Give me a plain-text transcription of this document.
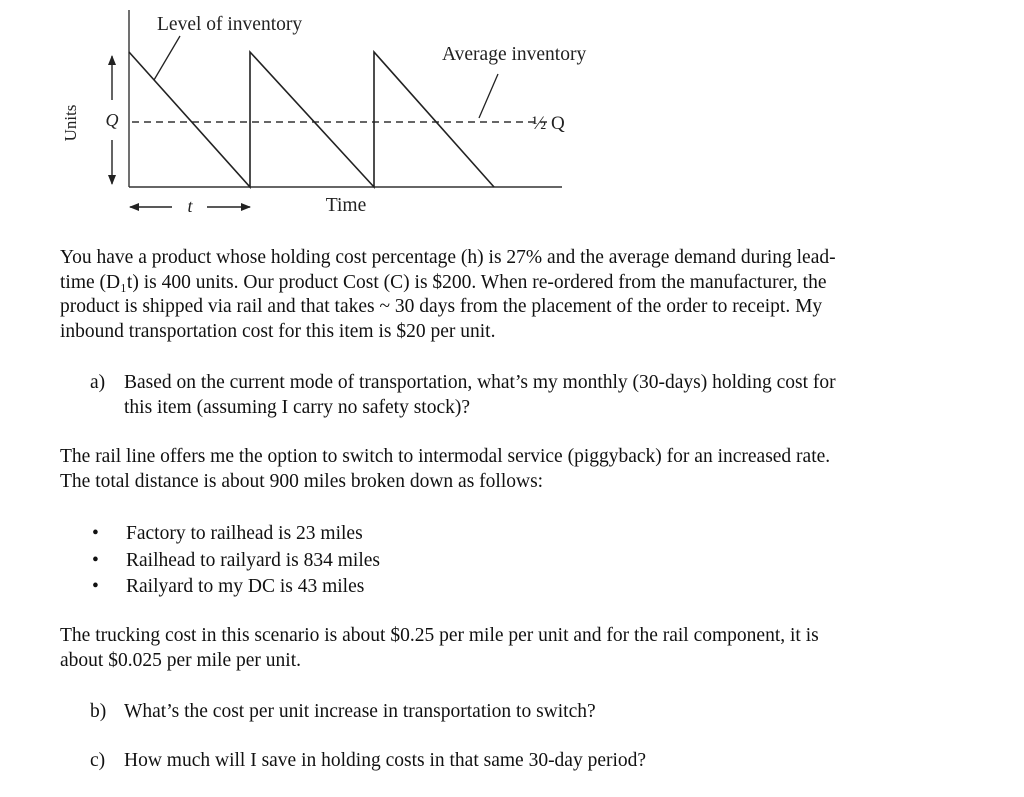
Units Q
Level of inventory
Average inventory
½ Q
t	Time
You have a product whose holding cost percentage (h) is 27% and the average demand during lead-
time (D₁t) is 400 units. Our product Cost (C) is $200. When re-ordered from the manufacturer, the
product is shipped via rail and that takes ~ 30 days from the placement of the order to receipt. My
inbound transportation cost for this item is $20 per unit.
a) Based on the current mode of transportation, what’s my monthly (30-days) holding cost for
this item (assuming I carry no safety stock)?
The rail line offers me the option to switch to intermodal service (piggyback) for an increased rate.
The total distance is about 900 miles broken down as follows:
•	Factory to railhead is 23 miles
•	Railhead to railyard is 834 miles
•	Railyard to my DC is 43 miles
The trucking cost in this scenario is about $0.25 per mile per unit and for the rail component, it is
about $0.025 per mile per unit.
b) What’s the cost per unit increase in transportation to switch?
c) How much will I save in holding costs in that same 30-day period?
